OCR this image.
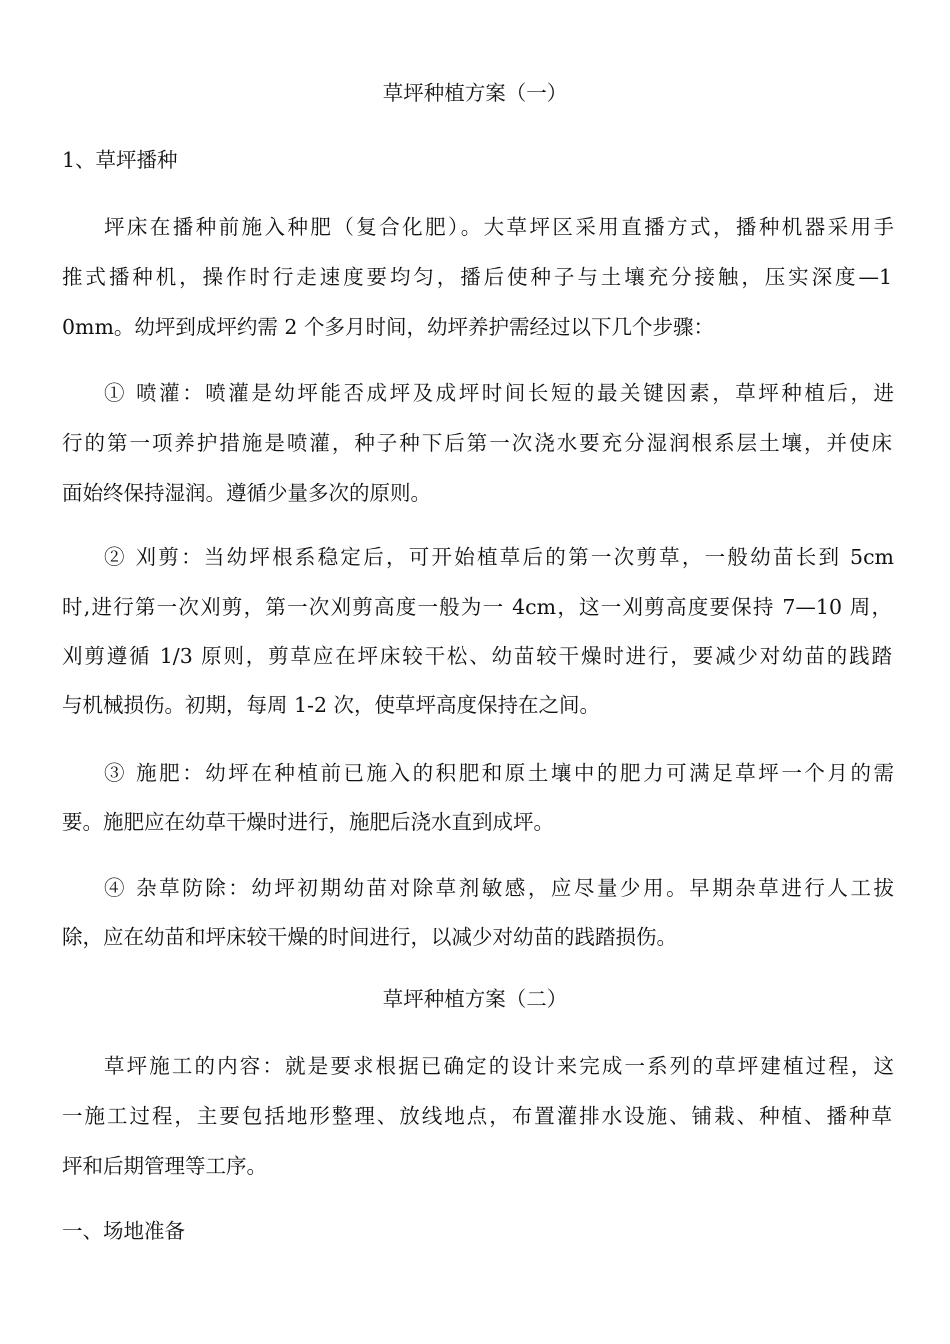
草坪种植方案（一）
1、草坪播种
坪床在播种前施入种肥（复合化肥）。大草坪区采用直播方式，播种机器采用手
推式播种机，操作时行走速度要均匀，播后使种子与土壤充分接触，压实深度—1
0mm。幼坪到成坪约需 2 个多月时间，幼坪养护需经过以下几个步骤：
① 喷灌：喷灌是幼坪能否成坪及成坪时间长短的最关键因素，草坪种植后，进
行的第一项养护措施是喷灌，种子种下后第一次浇水要充分湿润根系层土壤，并使床
面始终保持湿润。遵循少量多次的原则。
② 刈剪：当幼坪根系稳定后，可开始植草后的第一次剪草，一般幼苗长到 5cm
时,进行第一次刈剪，第一次刈剪高度一般为一 4cm，这一刈剪高度要保持 7—10 周，
刈剪遵循 1/3 原则，剪草应在坪床较干松、幼苗较干燥时进行，要减少对幼苗的践踏
与机械损伤。初期，每周 1-2 次，使草坪高度保持在之间。
③ 施肥：幼坪在种植前已施入的积肥和原土壤中的肥力可满足草坪一个月的需
要。施肥应在幼草干燥时进行，施肥后浇水直到成坪。
④ 杂草防除：幼坪初期幼苗对除草剂敏感，应尽量少用。早期杂草进行人工拔
除，应在幼苗和坪床较干燥的时间进行，以减少对幼苗的践踏损伤。
草坪种植方案（二）
草坪施工的内容：就是要求根据已确定的设计来完成一系列的草坪建植过程，这
一施工过程，主要包括地形整理、放线地点，布置灌排水设施、铺栽、种植、播种草
坪和后期管理等工序。
一、场地准备
